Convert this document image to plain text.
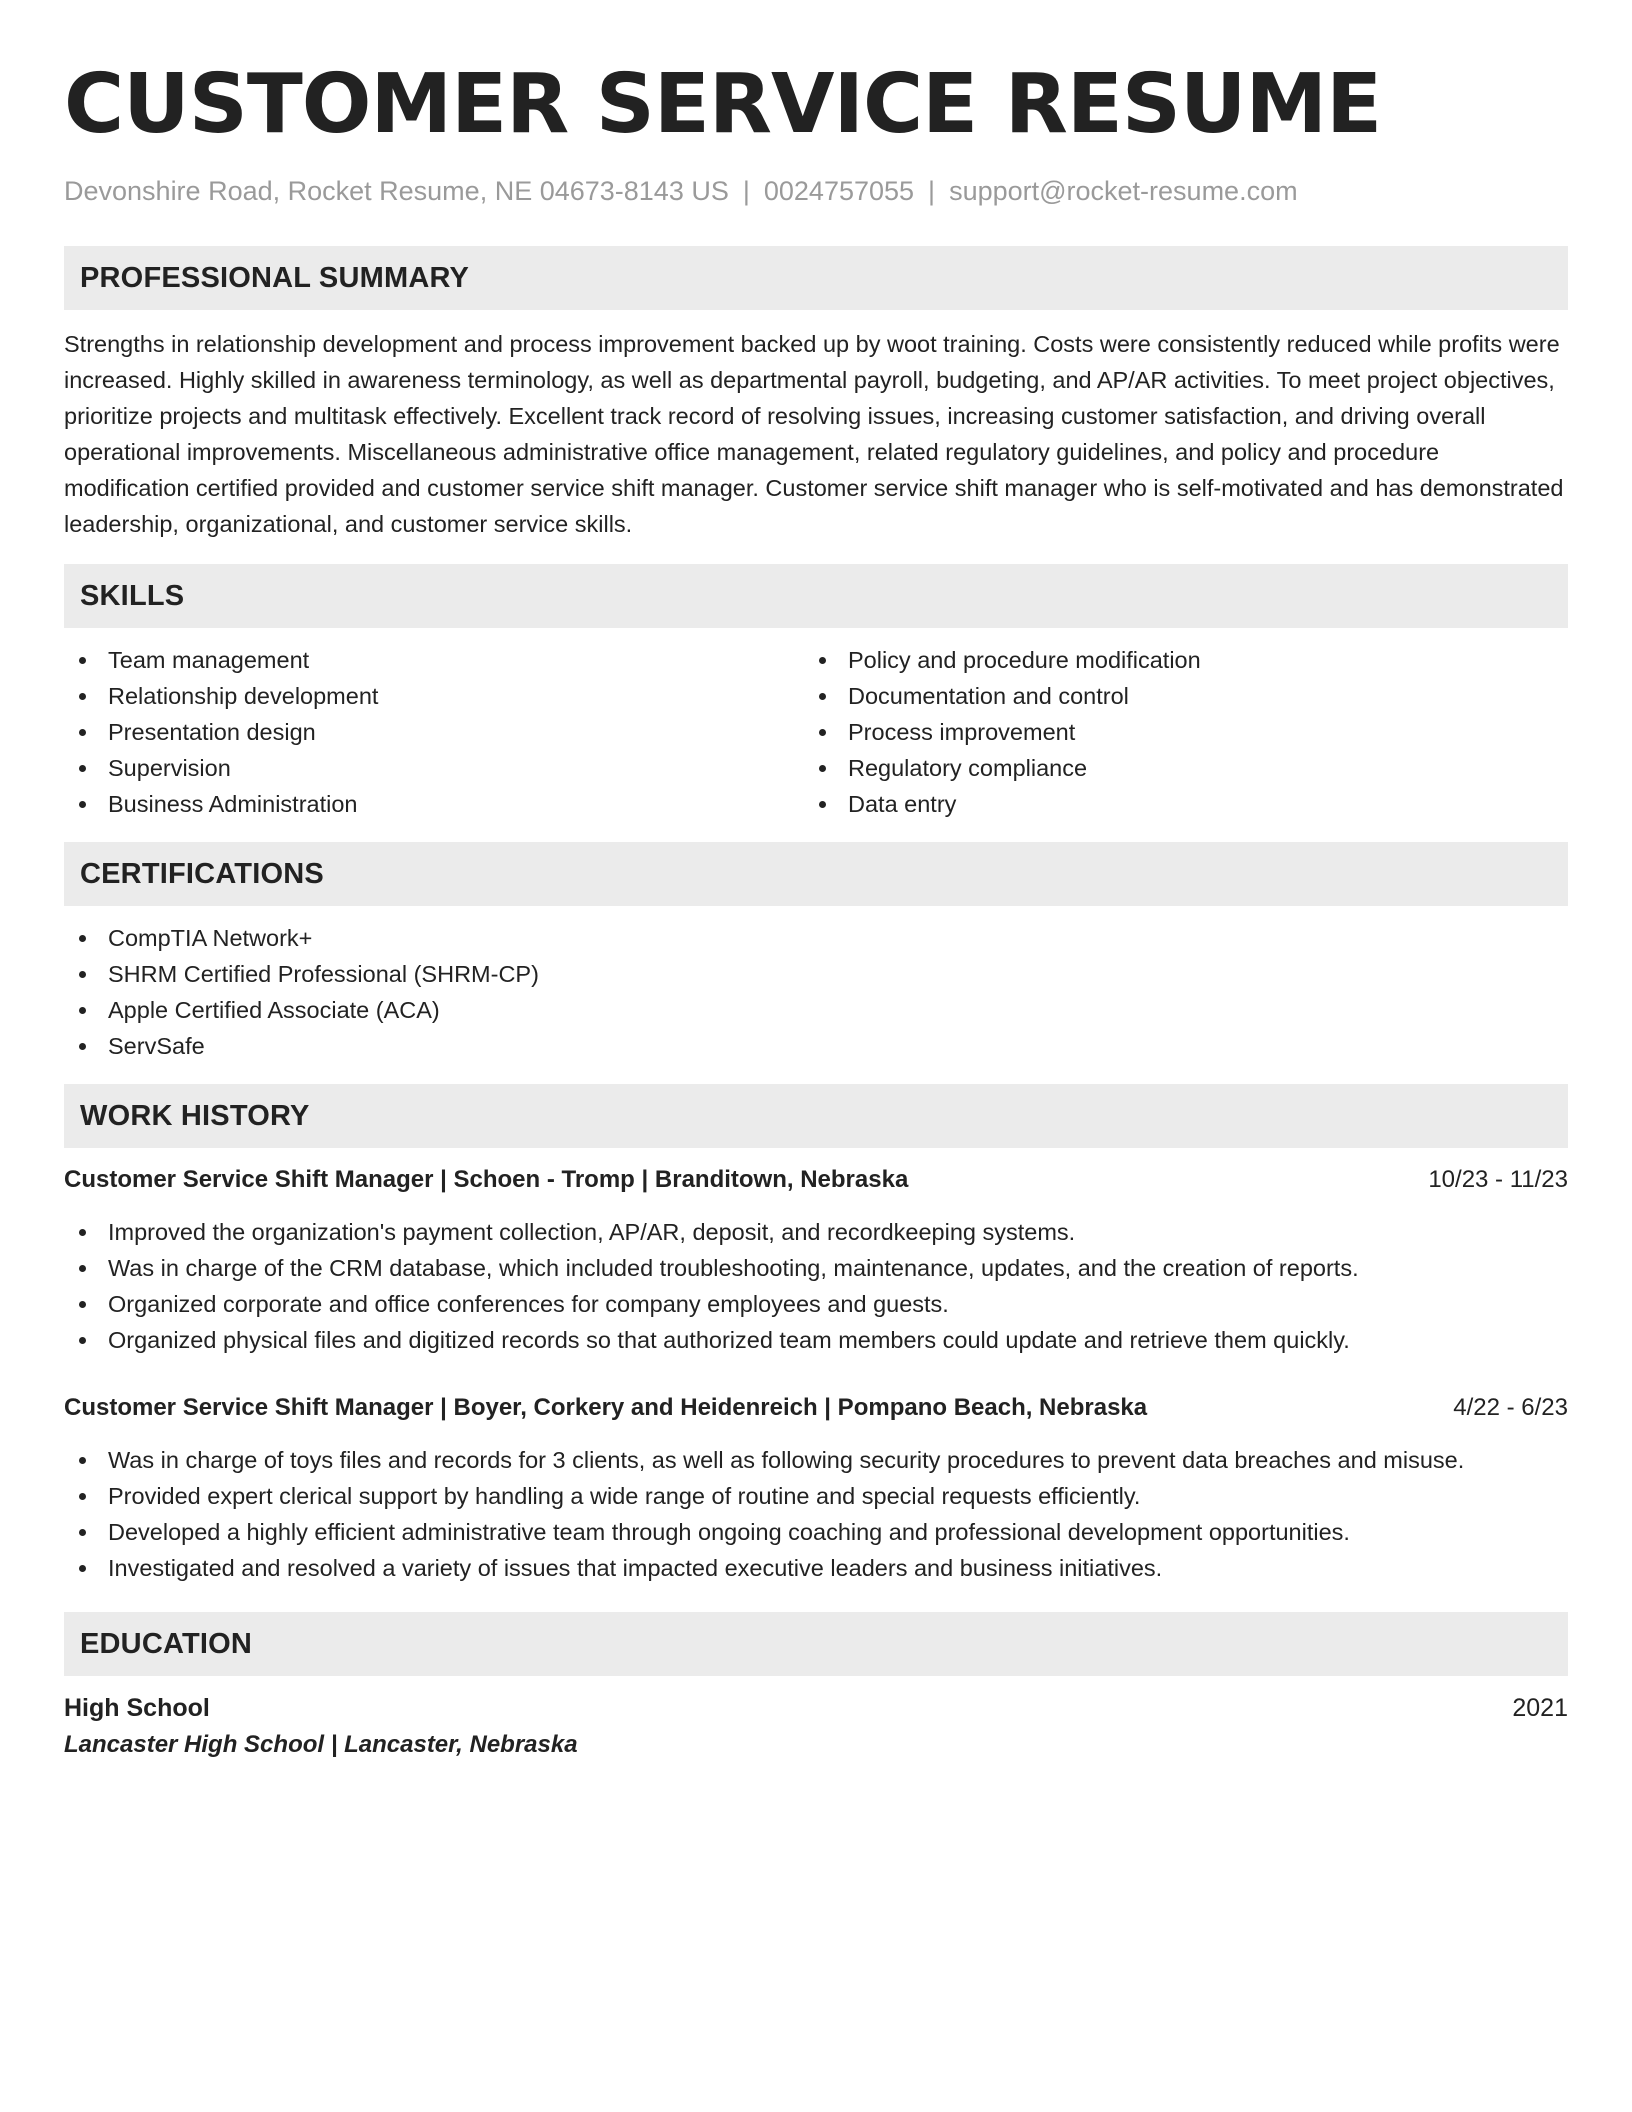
CUSTOMER SERVICE RESUME
Devonshire Road, Rocket Resume, NE 04673-8143 US | 0024757055 | support@rocket-resume.com
PROFESSIONAL SUMMARY
Strengths in relationship development and process improvement backed up by woot training. Costs were consistently reduced while profits were increased. Highly skilled in awareness terminology, as well as departmental payroll, budgeting, and AP/AR activities. To meet project objectives, prioritize projects and multitask effectively. Excellent track record of resolving issues, increasing customer satisfaction, and driving overall operational improvements. Miscellaneous administrative office management, related regulatory guidelines, and policy and procedure modification certified provided and customer service shift manager. Customer service shift manager who is self-motivated and has demonstrated leadership, organizational, and customer service skills.
SKILLS
Team management
Relationship development
Presentation design
Supervision
Business Administration
Policy and procedure modification
Documentation and control
Process improvement
Regulatory compliance
Data entry
CERTIFICATIONS
CompTIA Network+
SHRM Certified Professional (SHRM-CP)
Apple Certified Associate (ACA)
ServSafe
WORK HISTORY
Customer Service Shift Manager | Schoen - Tromp | Branditown, Nebraska	10/23 - 11/23
Improved the organization's payment collection, AP/AR, deposit, and recordkeeping systems.
Was in charge of the CRM database, which included troubleshooting, maintenance, updates, and the creation of reports.
Organized corporate and office conferences for company employees and guests.
Organized physical files and digitized records so that authorized team members could update and retrieve them quickly.
Customer Service Shift Manager | Boyer, Corkery and Heidenreich | Pompano Beach, Nebraska	4/22 - 6/23
Was in charge of toys files and records for 3 clients, as well as following security procedures to prevent data breaches and misuse.
Provided expert clerical support by handling a wide range of routine and special requests efficiently.
Developed a highly efficient administrative team through ongoing coaching and professional development opportunities.
Investigated and resolved a variety of issues that impacted executive leaders and business initiatives.
EDUCATION
High School	2021
Lancaster High School | Lancaster, Nebraska
